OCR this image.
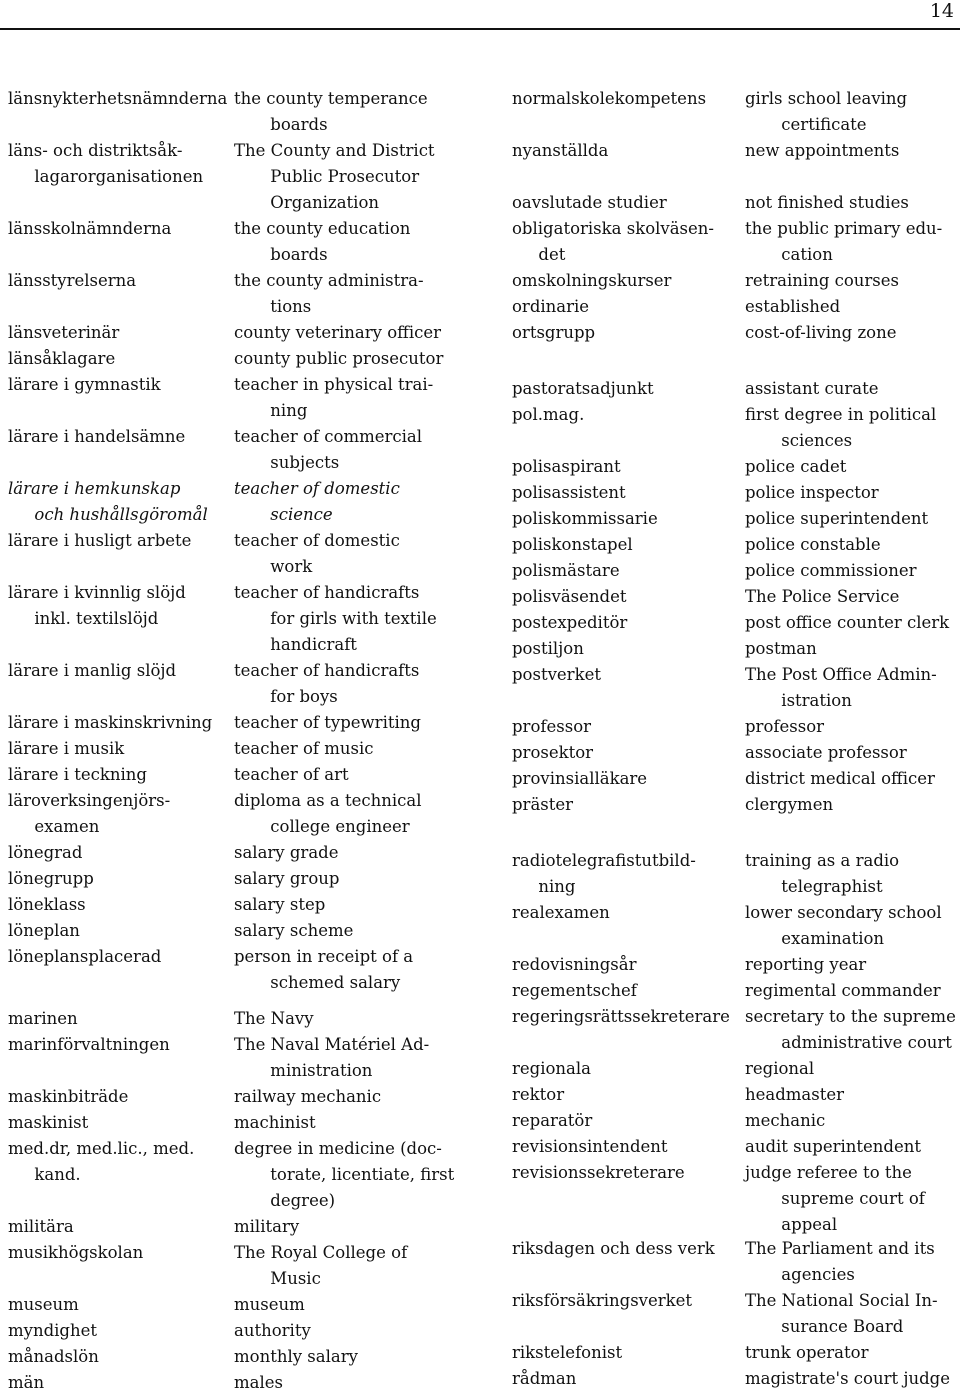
14
länsnykterhetsnämnderna
läns- och distriktsåk-
lagarorganisationen
länsskolnämnderna
länsstyrelserna
länsveterinär
länsåklagare
lärare i gymnastik
lärare i handelsämne
lärare i hemkunskap
och hushållsgöromål
lärare i husligt arbete
lärare i kvinnlig slöjd
inkl. textilslöjd
lärare i manlig slöjd
lärare i maskinskrivning
lärare i musik
lärare i teckning
läroverksingenjörs-
examen
lönegrad
lönegrupp
löneklass
löneplan
löneplansplacerad
marinen
marinförvaltningen
maskinbiträde
maskinist
med.dr, med.lic., med.
kand.
militära
musikhögskolan
museum
myndighet
månadslön
män
the county temperance
boards
The County and District
Public Prosecutor
Organization
the county education
boards
the county administra-
tions
county veterinary officer
county public prosecutor
teacher in physical trai-
ning
teacher of commercial
subjects
teacher of domestic
science
teacher of domestic
work
teacher of handicrafts
for girls with textile
handicraft
teacher of handicrafts
for boys
teacher of typewriting
teacher of music
teacher of art
diploma as a technical
college engineer
salary grade
salary group
salary step
salary scheme
person in receipt of a
schemed salary
The Navy
The Naval Matériel Ad-
ministration
railway mechanic
machinist
degree in medicine (doc-
torate, licentiate, first
degree)
military
The Royal College of
Music
museum
authority
monthly salary
males
normalskolekompetens
nyanställda
oavslutade studier
obligatoriska skolväsen-
det
omskolningskurser
ordinarie
ortsgrupp
pastoratsadjunkt
pol.mag.
polisaspirant
polisassistent
poliskommissarie
poliskonstapel
polismästare
polisväsendet
postexpeditör
postiljon
postverket
professor
prosektor
provinsialläkare
präster
radiotelegrafistutbild-
ning
realexamen
redovisningsår
regementschef
regeringsrättssekreterare
regionala
rektor
reparatör
revisionsintendent
revisionssekreterare
riksdagen och dess verk
riksförsäkringsverket
rikstelefonist
rådman
girls school leaving
certificate
new appointments
not finished studies
the public primary edu-
cation
retraining courses
established
cost-of-living zone
assistant curate
first degree in political
sciences
police cadet
police inspector
police superintendent
police constable
police commissioner
The Police Service
post office counter clerk
postman
The Post Office Admin-
istration
professor
associate professor
district medical officer
clergymen
training as a radio
telegraphist
lower secondary school
examination
reporting year
regimental commander
secretary to the supreme
administrative court
regional
headmaster
mechanic
audit superintendent
judge referee to the
supreme court of
appeal
The Parliament and its
agencies
The National Social In-
surance Board
trunk operator
magistrate's court judge
